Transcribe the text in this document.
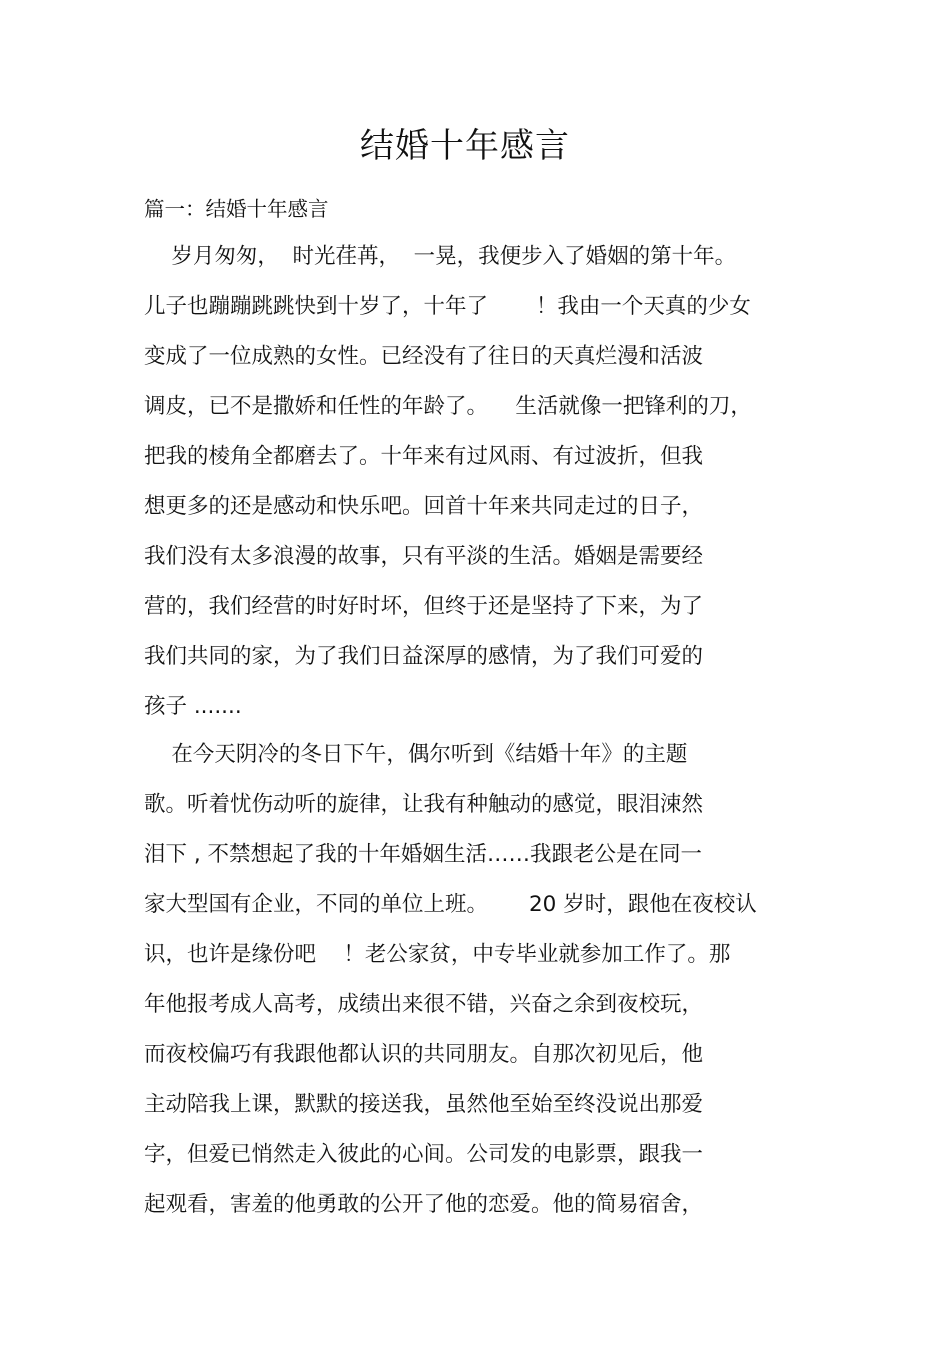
结婚十年感言
篇一：结婚十年感言
岁月匆匆，  时光荏苒，  一晃，我便步入了婚姻的第十年。
儿子也蹦蹦跳跳快到十岁了，十年了       ！我由一个天真的少女
变成了一位成熟的女性。已经没有了往日的天真烂漫和活波
调皮，已不是撒娇和任性的年龄了。    生活就像一把锋利的刀，
把我的棱角全都磨去了。十年来有过风雨、有过波折，但我
想更多的还是感动和快乐吧。回首十年来共同走过的日子，
我们没有太多浪漫的故事，只有平淡的生活。婚姻是需要经
营的，我们经营的时好时坏，但终于还是坚持了下来，为了
我们共同的家，为了我们日益深厚的感情，为了我们可爱的
孩子 .......
在今天阴冷的冬日下午，偶尔听到《结婚十年》的主题
歌。听着忧伤动听的旋律，让我有种触动的感觉，眼泪涑然
泪下 , 不禁想起了我的十年婚姻生活……我跟老公是在同一
家大型国有企业，不同的单位上班。      20 岁时，跟他在夜校认
识，也许是缘份吧    ！老公家贫，中专毕业就参加工作了。那
年他报考成人高考，成绩出来很不错，兴奋之余到夜校玩，
而夜校偏巧有我跟他都认识的共同朋友。自那次初见后，他
主动陪我上课，默默的接送我，虽然他至始至终没说出那爱
字，但爱已悄然走入彼此的心间。公司发的电影票，跟我一
起观看，害羞的他勇敢的公开了他的恋爱。他的简易宿舍，
